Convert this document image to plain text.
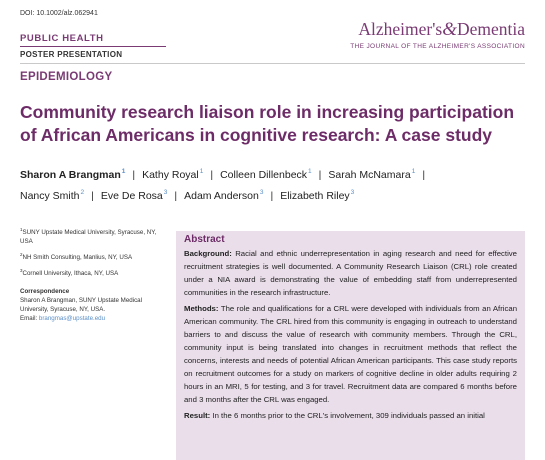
DOI: 10.1002/alz.062941
PUBLIC HEALTH
POSTER PRESENTATION
Alzheimer's&Dementia
THE JOURNAL OF THE ALZHEIMER'S ASSOCIATION
EPIDEMIOLOGY
Community research liaison role in increasing participation of African Americans in cognitive research: A case study
Sharon A Brangman$^1$ | Kathy Royal$^1$ | Colleen Dillenbeck$^1$ | Sarah McNamara$^1$ |
Nancy Smith$^2$ | Eve De Rosa$^3$ | Adam Anderson$^3$ | Elizabeth Riley$^3$
$^1$SUNY Upstate Medical University, Syracuse, NY, USA
$^2$NH Smith Consulting, Manlius, NY, USA
$^3$Cornell University, Ithaca, NY, USA
Correspondence
Sharon A Brangman, SUNY Upstate Medical University, Syracuse, NY, USA.
Email: brangmas@upstate.edu
Abstract

Background: Racial and ethnic underrepresentation in aging research and need for effective recruitment strategies is well documented. A Community Research Liaison (CRL) role created under a NIA award is demonstrating the value of embedding staff from underrepresented communities in the research infrastructure.

Methods: The role and qualifications for a CRL were developed with individuals from an African American community. The CRL hired from this community is engaging in outreach to understand barriers to and discuss the value of research with community members. Through the CRL, community input is being translated into changes in recruitment methods that reflect the concerns, interests and needs of potential African American participants. This case study reports on recruitment outcomes for a study on markers of cognitive decline in older adults requiring 2 hours in an MRI, 5 for testing, and 3 for travel. Recruitment data are compared 6 months before and 3 months after the CRL was engaged.

Result: In the 6 months prior to the CRL's involvement, 309 individuals passed an initial
